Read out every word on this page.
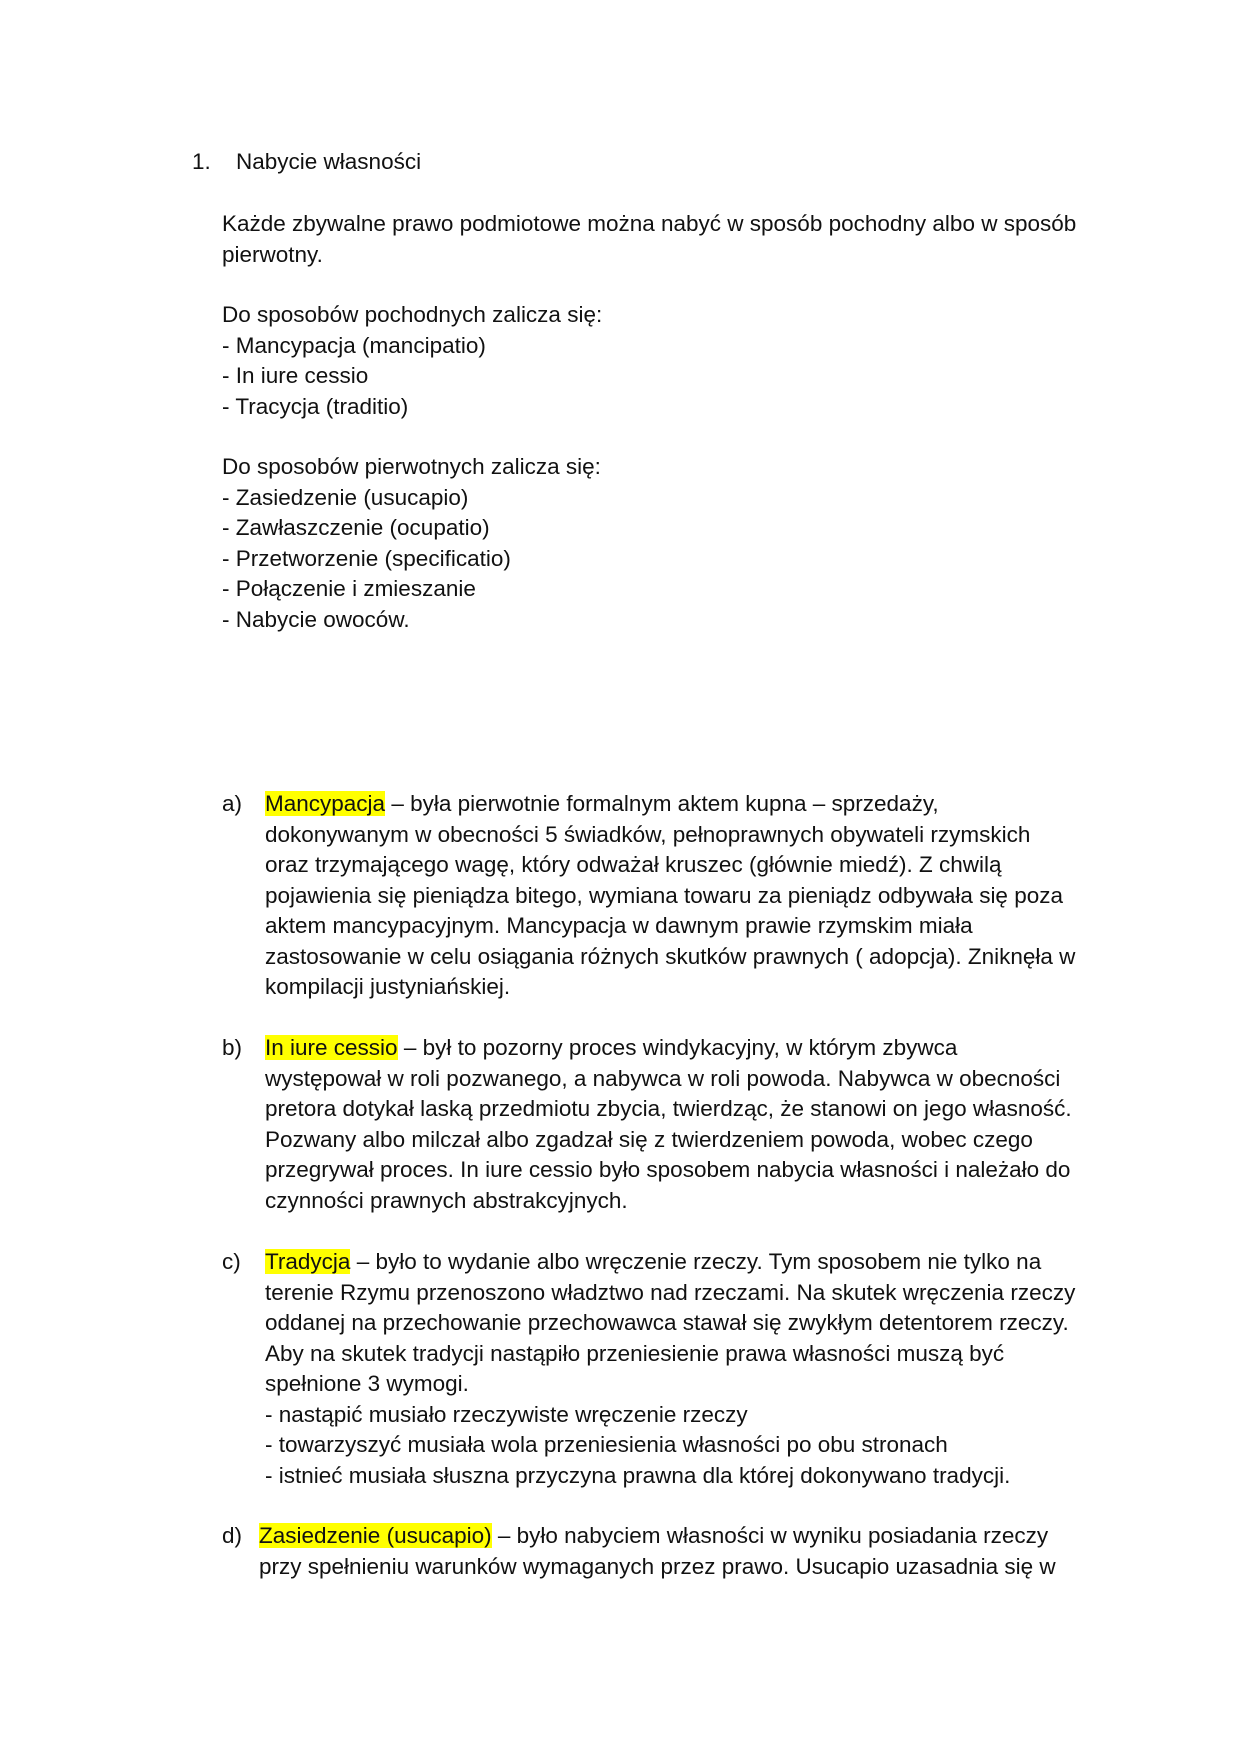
1. Nabycie własności
Każde zbywalne prawo podmiotowe można nabyć w sposób pochodny albo w sposób
pierwotny.
Do sposobów pochodnych zalicza się:
- Mancypacja (mancipatio)
- In iure cessio
- Tracycja (traditio)
Do sposobów pierwotnych zalicza się:
- Zasiedzenie (usucapio)
- Zawłaszczenie (ocupatio)
- Przetworzenie (specificatio)
- Połączenie i zmieszanie
- Nabycie owoców.
a) Mancypacja – była pierwotnie formalnym aktem kupna – sprzedaży,
dokonywanym w obecności 5 świadków, pełnoprawnych obywateli rzymskich
oraz trzymającego wagę, który odważał kruszec (głównie miedź). Z chwilą
pojawienia się pieniądza bitego, wymiana towaru za pieniądz odbywała się poza
aktem mancypacyjnym. Mancypacja w dawnym prawie rzymskim miała
zastosowanie w celu osiągania różnych skutków prawnych ( adopcja). Zniknęła w
kompilacji justyniańskiej.
b) In iure cessio – był to pozorny proces windykacyjny, w którym zbywca
występował w roli pozwanego, a nabywca w roli powoda. Nabywca w obecności
pretora dotykał laską przedmiotu zbycia, twierdząc, że stanowi on jego własność.
Pozwany albo milczał albo zgadzał się z twierdzeniem powoda, wobec czego
przegrywał proces. In iure cessio było sposobem nabycia własności i należało do
czynności prawnych abstrakcyjnych.
c) Tradycja – było to wydanie albo wręczenie rzeczy. Tym sposobem nie tylko na
terenie Rzymu przenoszono władztwo nad rzeczami. Na skutek wręczenia rzeczy
oddanej na przechowanie przechowawca stawał się zwykłym detentorem rzeczy.
Aby na skutek tradycji nastąpiło przeniesienie prawa własności muszą być
spełnione 3 wymogi.
- nastąpić musiało rzeczywiste wręczenie rzeczy
- towarzyszyć musiała wola przeniesienia własności po obu stronach
- istnieć musiała słuszna przyczyna prawna dla której dokonywano tradycji.
d) Zasiedzenie (usucapio) – było nabyciem własności w wyniku posiadania rzeczy
przy spełnieniu warunków wymaganych przez prawo. Usucapio uzasadnia się w
